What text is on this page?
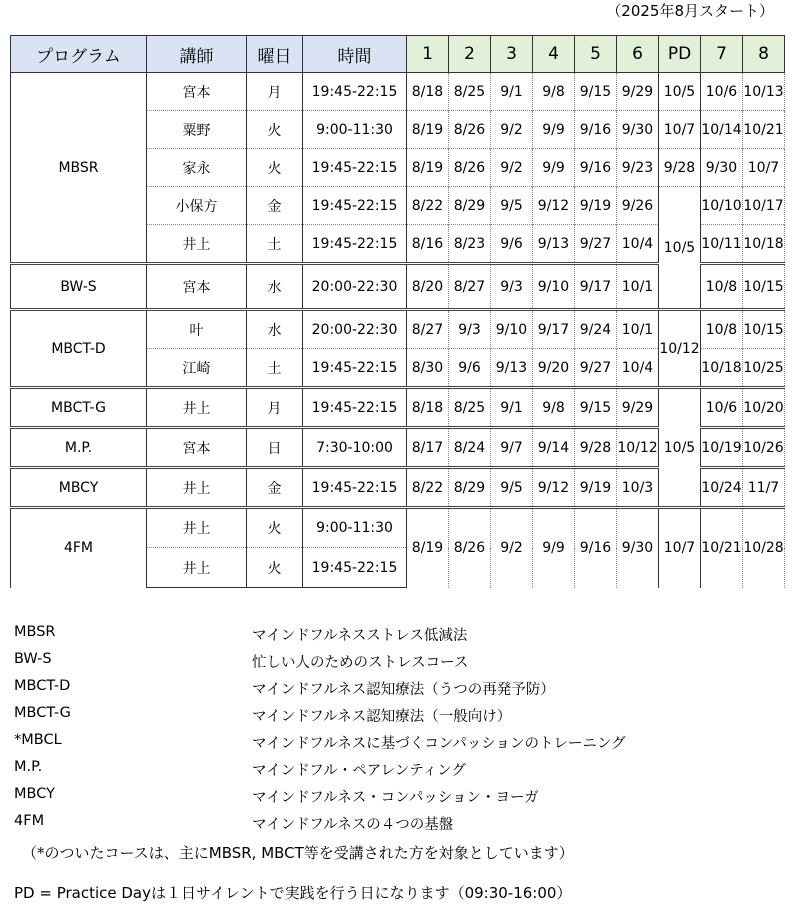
（2025年8月スタート）
プログラム	講師	曜日	時間	1	2	3	4	5	6	PD	7	8
MBSR	宮本	月	19:45-22:15	8/18	8/25	9/1	9/8	9/15	9/29	10/5	10/6	10/13
	粟野	火	9:00-11:30	8/19	8/26	9/2	9/9	9/16	9/30	10/7	10/14	10/21
	家永	火	19:45-22:15	8/19	8/26	9/2	9/9	9/16	9/23	9/28	9/30	10/7
	小保方	金	19:45-22:15	8/22	8/29	9/5	9/12	9/19	9/26	10/5	10/10	10/17
	井上	土	19:45-22:15	8/16	8/23	9/6	9/13	9/27	10/4		10/11	10/18
BW-S	宮本	水	20:00-22:30	8/20	8/27	9/3	9/10	9/17	10/1		10/8	10/15
MBCT-D	叶	水	20:00-22:30	8/27	9/3	9/10	9/17	9/24	10/1	10/12	10/8	10/15
	江崎	土	19:45-22:15	8/30	9/6	9/13	9/20	9/27	10/4		10/18	10/25
MBCT-G	井上	月	19:45-22:15	8/18	8/25	9/1	9/8	9/15	9/29	10/5	10/6	10/20
M.P.	宮本	日	7:30-10:00	8/17	8/24	9/7	9/14	9/28	10/12		10/19	10/26
MBCY	井上	金	19:45-22:15	8/22	8/29	9/5	9/12	9/19	10/3		10/24	11/7
4FM	井上	火	9:00-11:30	8/19	8/26	9/2	9/9	9/16	9/30	10/7	10/21	10/28
	井上	火	19:45-22:15									
MBSR	マインドフルネスストレス低減法
BW-S	忙しい人のためのストレスコース
MBCT-D	マインドフルネス認知療法（うつの再発予防）
MBCT-G	マインドフルネス認知療法（一般向け）
*MBCL	マインドフルネスに基づくコンパッションのトレーニング
M.P.	マインドフル・ペアレンティング
MBCY	マインドフルネス・コンパッション・ヨーガ
4FM	マインドフルネスの４つの基盤
（*のついたコースは、主にMBSR, MBCT等を受講された方を対象としています）
PD = Practice Dayは１日サイレントで実践を行う日になります（09:30-16:00）
